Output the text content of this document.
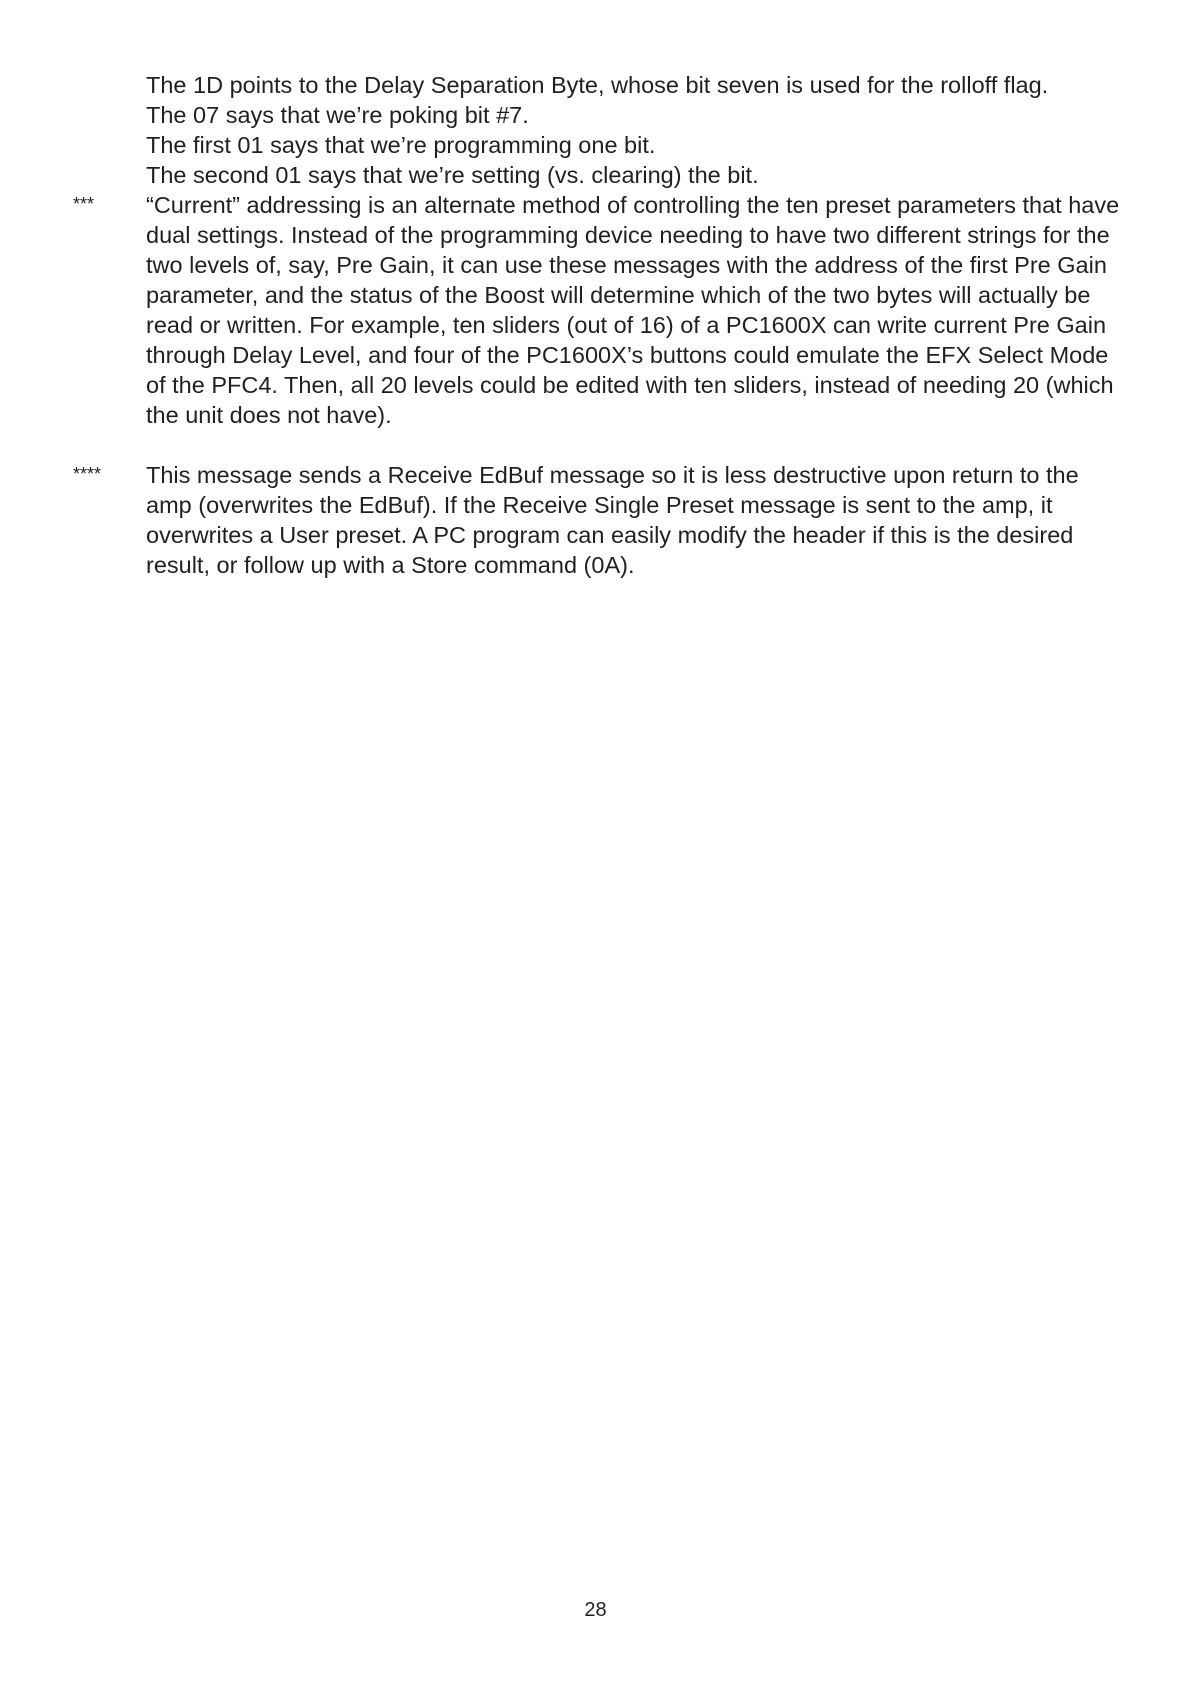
The 1D points to the Delay Separation Byte, whose bit seven is used for the rolloff flag.
The 07 says that we’re poking bit #7.
The first 01 says that we’re programming one bit.
The second 01 says that we’re setting (vs. clearing) the bit.
*** “Current” addressing is an alternate method of controlling the ten preset parameters that have
dual settings. Instead of the programming device needing to have two different strings for the
two levels of, say, Pre Gain, it can use these messages with the address of the first Pre Gain
parameter, and the status of the Boost will determine which of the two bytes will actually be
read or written. For example, ten sliders (out of 16) of a PC1600X can write current Pre Gain
through Delay Level, and four of the PC1600X’s buttons could emulate the EFX Select Mode
of the PFC4. Then, all 20 levels could be edited with ten sliders, instead of needing 20 (which
the unit does not have).
**** This message sends a Receive EdBuf message so it is less destructive upon return to the
amp (overwrites the EdBuf). If the Receive Single Preset message is sent to the amp, it
overwrites a User preset. A PC program can easily modify the header if this is the desired
result, or follow up with a Store command (0A).
28
